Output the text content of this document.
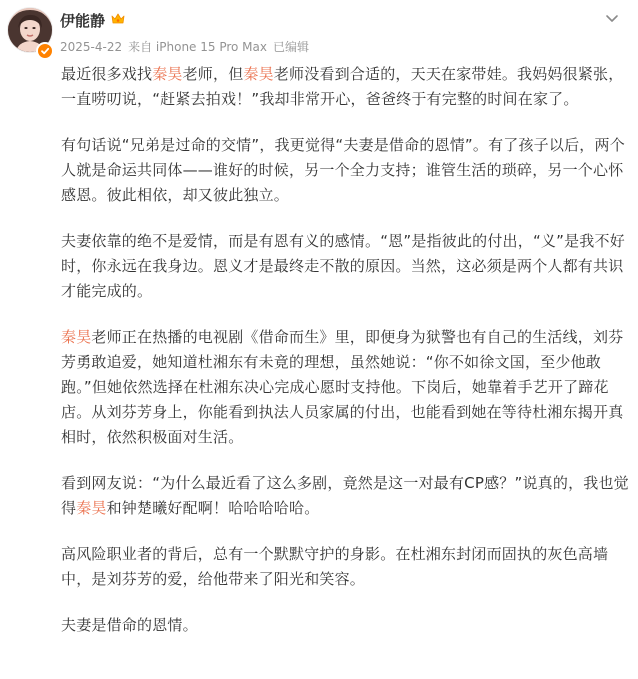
伊能静
2025-4-22 来自 iPhone 15 Pro Max 已编辑

最近很多戏找秦昊老师，但秦昊老师没看到合适的，天天在家带娃。我妈妈很紧张，一直唠叨说，“赶紧去拍戏！”我却非常开心，爸爸终于有完整的时间在家了。

有句话说“兄弟是过命的交情”，我更觉得“夫妻是借命的恩情”。有了孩子以后，两个人就是命运共同体——谁好的时候，另一个全力支持；谁管生活的琐碎，另一个心怀感恩。彼此相依，却又彼此独立。

夫妻依靠的绝不是爱情，而是有恩有义的感情。“恩”是指彼此的付出，“义”是我不好时，你永远在我身边。恩义才是最终走不散的原因。当然，这必须是两个人都有共识才能完成的。

秦昊老师正在热播的电视剧《借命而生》里，即便身为狱警也有自己的生活线，刘芬芳勇敢追爱，她知道杜湘东有未竟的理想，虽然她说：“你不如徐文国，至少他敢跑。”但她依然选择在杜湘东决心完成心愿时支持他。下岗后，她靠着手艺开了蹄花店。从刘芬芳身上，你能看到执法人员家属的付出，也能看到她在等待杜湘东揭开真相时，依然积极面对生活。

看到网友说：“为什么最近看了这么多剧，竟然是这一对最有CP感？”说真的，我也觉得秦昊和钟楚曦好配啊！哈哈哈哈哈。

高风险职业者的背后，总有一个默默守护的身影。在杜湘东封闭而固执的灰色高墙中，是刘芬芳的爱，给他带来了阳光和笑容。

夫妻是借命的恩情。
